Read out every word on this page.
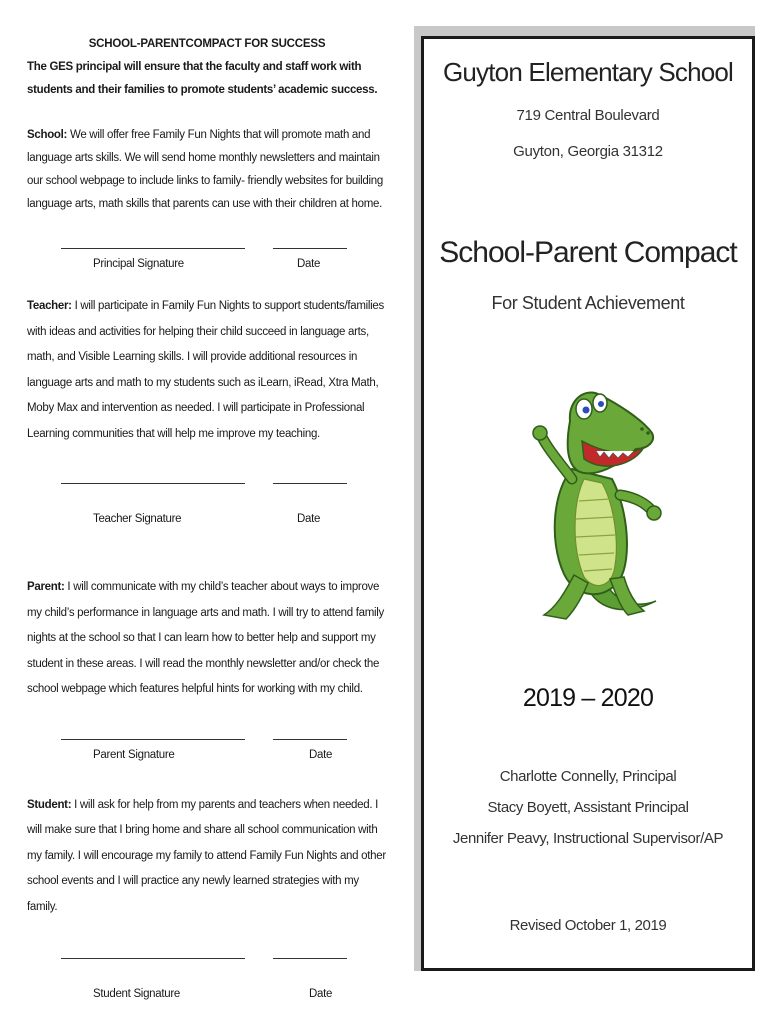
SCHOOL-PARENTCOMPACT FOR SUCCESS

The GES principal will ensure that the faculty and staff work with students and their families to promote students’ academic success.

School: We will offer free Family Fun Nights that will promote math and language arts skills. We will send home monthly newsletters and maintain our school webpage to include links to family- friendly websites for building language arts, math skills that parents can use with their children at home.

Principal Signature	Date

Teacher: I will participate in Family Fun Nights to support students/families with ideas and activities for helping their child succeed in language arts, math, and Visible Learning skills. I will provide additional resources in language arts and math to my students such as iLearn, iRead, Xtra Math, Moby Max and intervention as needed. I will participate in Professional Learning communities that will help me improve my teaching.

Teacher Signature	Date

Parent: I will communicate with my child’s teacher about ways to improve my child’s performance in language arts and math. I will try to attend family nights at the school so that I can learn how to better help and support my student in these areas. I will read the monthly newsletter and/or check the school webpage which features helpful hints for working with my child.

Parent Signature	Date

Student: I will ask for help from my parents and teachers when needed. I will make sure that I bring home and share all school communication with my family. I will encourage my family to attend Family Fun Nights and other school events and I will practice any newly learned strategies with my family.

Student Signature	Date
Guyton Elementary School
719 Central Boulevard
Guyton, Georgia 31312
School-Parent Compact
For Student Achievement
2019 – 2020
Charlotte Connelly, Principal
Stacy Boyett, Assistant Principal
Jennifer Peavy, Instructional Supervisor/AP
Revised October 1, 2019
